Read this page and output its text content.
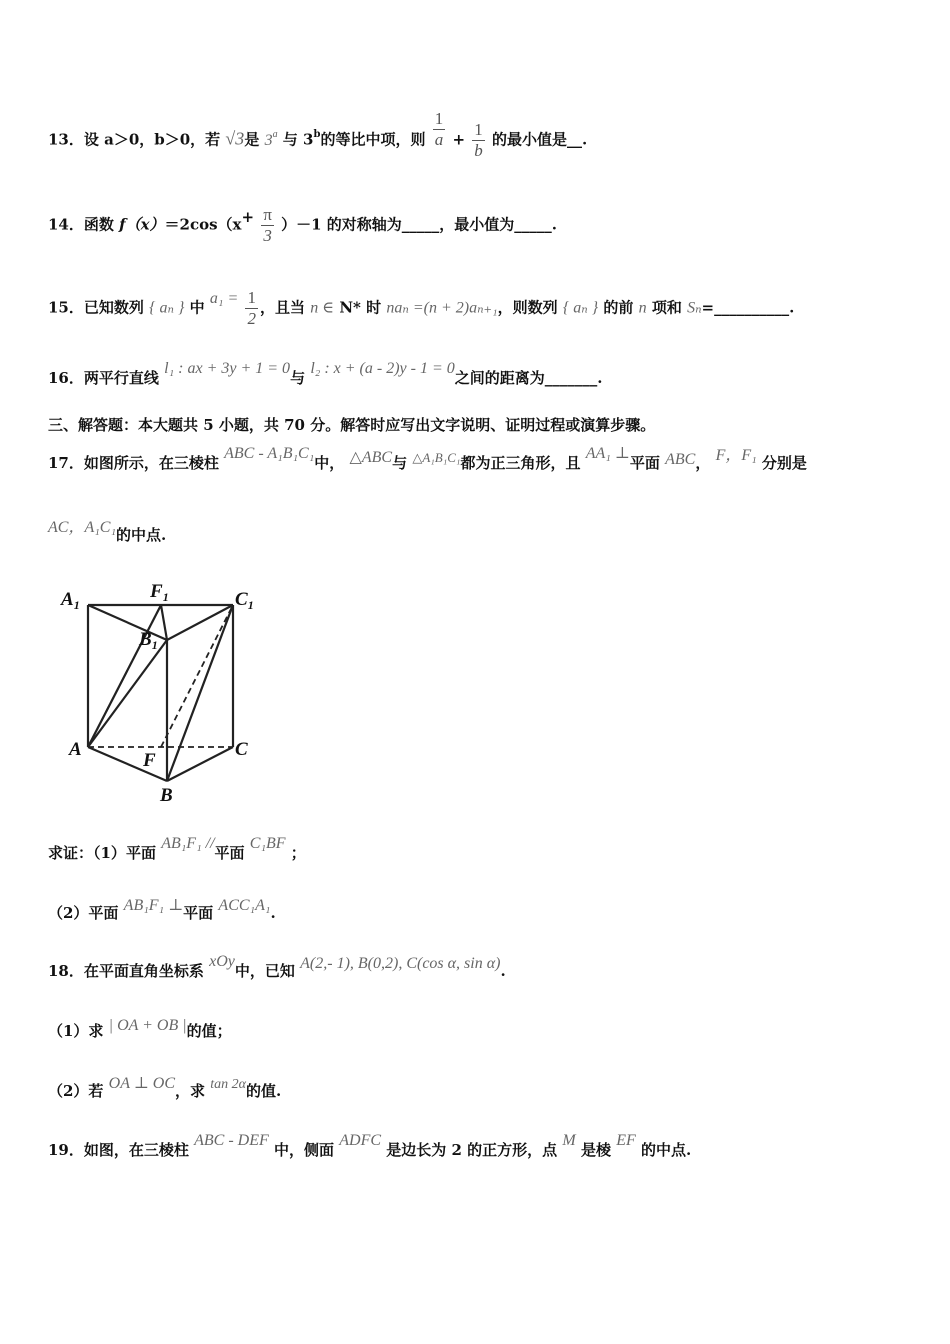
13．设 a＞0，b＞0，若 √3是 3$^a$ 与 3$^b$的等比中项，则 $\frac{1}{a} + \frac{1}{b}$ 的最小值是__.
14．函数 $f(x)=2\cos(x+ \frac{\pi}{3} )-1$ 的对称轴为_____，最小值为_____.
15．已知数列 { aₙ } 中 $a_1 = \frac{1}{2}$ ，且当 n ∈ N* 时 naₙ =(n + 2)aₙ₊₁，则数列 { aₙ } 的前 n 项和 Sₙ=__________.
16．两平行直线 l₁ : ax + 3y + 1 = 0与 l₂ : x + (a - 2)y - 1 = 0之间的距离为_______.
三、解答题：本大题共 5 小题，共 70 分。解答时应写出文字说明、证明过程或演算步骤。
17．如图所示，在三棱柱 ABC - A₁B₁C₁中， △ABC与 △A₁B₁C₁都为正三角形，且 AA₁ ⊥平面 ABC， F，F₁ 分别是
AC，A₁C₁的中点.
$A_1$
$F_1$	$C_1$
$B_1$
A	C
F
B
求证：（1）平面 AB₁F₁ //平面 C₁BF ；
（2）平面 AB₁F₁ ⊥平面 ACC₁A₁.
18．在平面直角坐标系 xOy中，已知 A(2,- 1), B(0,2), C(cos α, sin α).
（1）求 | OA + OB |的值；
（2）若 OA ⊥ OC，求 tan 2α的值.
19．如图，在三棱柱 ABC - DEF 中，侧面 ADFC 是边长为 2 的正方形，点 M 是棱 EF 的中点.
